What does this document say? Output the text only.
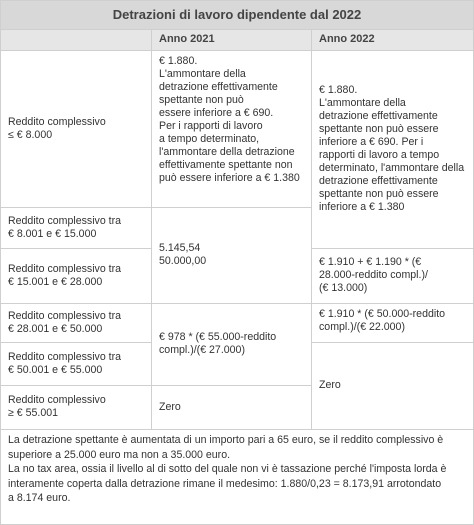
Detrazioni di lavoro dipendente dal 2022
Anno 2021	Anno 2022
Reddito complessivo
≤ € 8.000
Reddito complessivo tra
€ 8.001 e € 15.000
Reddito complessivo tra
€ 15.001 e € 28.000
Reddito complessivo tra
€ 28.001 e € 50.000
Reddito complessivo tra
€ 50.001 e € 55.000
Reddito complessivo
≥ € 55.001
€ 1.880.
L'ammontare della
detrazione effettivamente
spettante non può
essere inferiore a € 690.
Per i rapporti di lavoro
a tempo determinato,
l'ammontare della detrazione
effettivamente spettante non
può essere inferiore a € 1.380
5.145,54
50.000,00
€ 978 * (€ 55.000-reddito
compl.)/(€ 27.000)
Zero
€ 1.880.
L'ammontare della
detrazione effettivamente
spettante non può essere
inferiore a € 690. Per i
rapporti di lavoro a tempo
determinato, l'ammontare della
detrazione effettivamente
spettante non può essere
inferiore a € 1.380
€ 1.910 + € 1.190 * (€
28.000-reddito compl.)/
(€ 13.000)
€ 1.910 * (€ 50.000-reddito
compl.)/(€ 22.000)
Zero
La detrazione spettante è aumentata di un importo pari a 65 euro, se il reddito complessivo è
superiore a 25.000 euro ma non a 35.000 euro.
La no tax area, ossia il livello al di sotto del quale non vi è tassazione perché l'imposta lorda è
interamente coperta dalla detrazione rimane il medesimo: 1.880/0,23 = 8.173,91 arrotondato
a 8.174 euro.
